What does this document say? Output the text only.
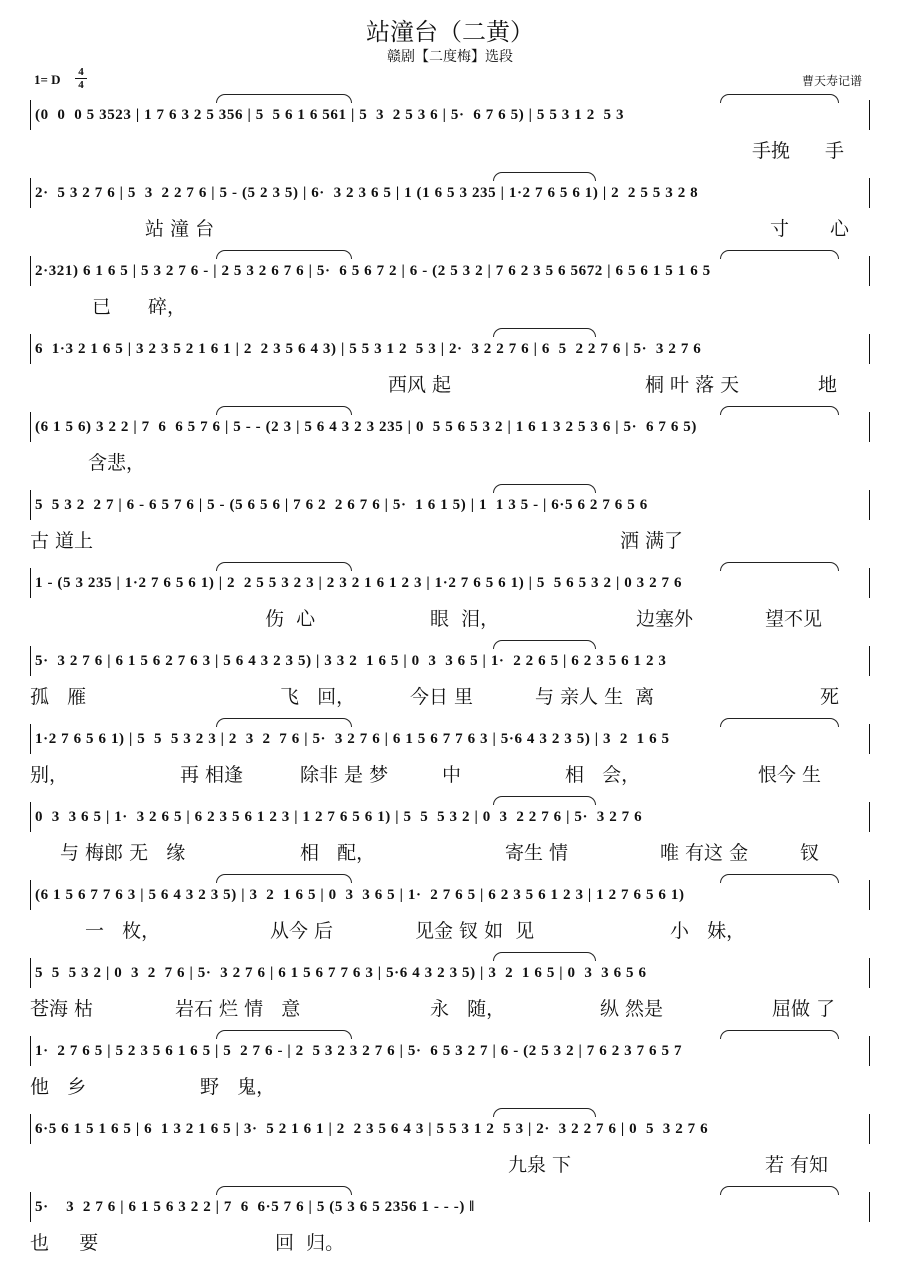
站潼台（二黄）
赣剧【二度梅】选段
1= D 4
4	曹天寿记谱
(0  0  0 5 3523 | 1 7 6 3 2 5 356 | 5  5 6 1 6 561 | 5  3  2 5 3 6 | 5·  6 7 6 5) | 5 5 3 1 2  5 3
手挽 手
2·  5 3 2 7 6 | 5  3  2 2 7 6 | 5 - (5 2 3 5) | 6·  3 2 3 6 5 | 1 (1 6 5 3 235 | 1·2 7 6 5 6 1) | 2  2 5 5 3 2 8
站 潼 台	寸 心
2·321) 6 1 6 5 | 5 3 2 7 6 - | 2 5 3 2 6 7 6 | 5·  6 5 6 7 2 | 6 - (2 5 3 2 | 7 6 2 3 5 6 5672 | 6 5 6 1 5 1 6 5
已 碎，
6  1·3 2 1 6 5 | 3 2 3 5 2 1 6 1 | 2  2 3 5 6 4 3) | 5 5 3 1 2  5 3 | 2·  3 2 2 7 6 | 6  5  2 2 7 6 | 5·  3 2 7 6
西风 起	桐 叶 落 天	地
(6 1 5 6) 3 2 2 | 7  6  6 5 7 6 | 5 - - (2 3 | 5 6 4 3 2 3 235 | 0  5 5 6 5 3 2 | 1 6 1 3 2 5 3 6 | 5·  6 7 6 5)
含悲，
5  5 3 2  2 7 | 6 - 6 5 7 6 | 5 - (5 6 5 6 | 7 6 2  2 6 7 6 | 5·  1 6 1 5) | 1  1 3 5 - | 6·5 6 2 7 6 5 6
古 道上	洒 满了
1 - (5 3 235 | 1·2 7 6 5 6 1) | 2  2 5 5 3 2 3 | 2 3 2 1 6 1 2 3 | 1·2 7 6 5 6 1) | 5  5 6 5 3 2 | 0 3 2 7 6
伤  心	眼  泪，	边塞外	望不见
5·  3 2 7 6 | 6 1 5 6 2 7 6 3 | 5 6 4 3 2 3 5) | 3 3 2  1 6 5 | 0  3  3 6 5 | 1·  2 2 6 5 | 6 2 3 5 6 1 2 3
孤   雁	飞   回，	今日 里	与 亲人 生  离	死
1·2 7 6 5 6 1) | 5  5  5 3 2 3 | 2  3  2  7 6 | 5·  3 2 7 6 | 6 1 5 6 7 7 6 3 | 5·6 4 3 2 3 5) | 3  2  1 6 5
别，	再 相逢	除非 是 梦	中	相   会，	恨今 生
0  3  3 6 5 | 1·  3 2 6 5 | 6 2 3 5 6 1 2 3 | 1 2 7 6 5 6 1) | 5  5  5 3 2 | 0  3  2 2 7 6 | 5·  3 2 7 6
与 梅郎 无   缘	相   配，	寄生 情	唯 有这 金	钗
(6 1 5 6 7 7 6 3 | 5 6 4 3 2 3 5) | 3  2  1 6 5 | 0  3  3 6 5 | 1·  2 7 6 5 | 6 2 3 5 6 1 2 3 | 1 2 7 6 5 6 1)
一   枚，	从今 后	见金 钗 如  见	小   妹，
5  5  5 3 2 | 0  3  2  7 6 | 5·  3 2 7 6 | 6 1 5 6 7 7 6 3 | 5·6 4 3 2 3 5) | 3  2  1 6 5 | 0  3  3 6 5 6
苍海 枯	岩石 烂 情   意	永   随，	纵 然是	屈做 了
1·  2 7 6 5 | 5 2 3 5 6 1 6 5 | 5  2 7 6 - | 2  5 3 2 3 2 7 6 | 5·  6 5 3 2 7 | 6 - (2 5 3 2 | 7 6 2 3 7 6 5 7
他   乡	野   鬼，
6·5 6 1 5 1 6 5 | 6  1 3 2 1 6 5 | 3·  5 2 1 6 1 | 2  2 3 5 6 4 3 | 5 5 3 1 2  5 3 | 2·  3 2 2 7 6 | 0  5  3 2 7 6
九泉 下	若 有知
5·    3  2 7 6 | 6 1 5 6 3 2 2 | 7  6  6·5 7 6 | 5 (5 3 6 5 2356 1 - - -) ‖
也     要	回  归。
